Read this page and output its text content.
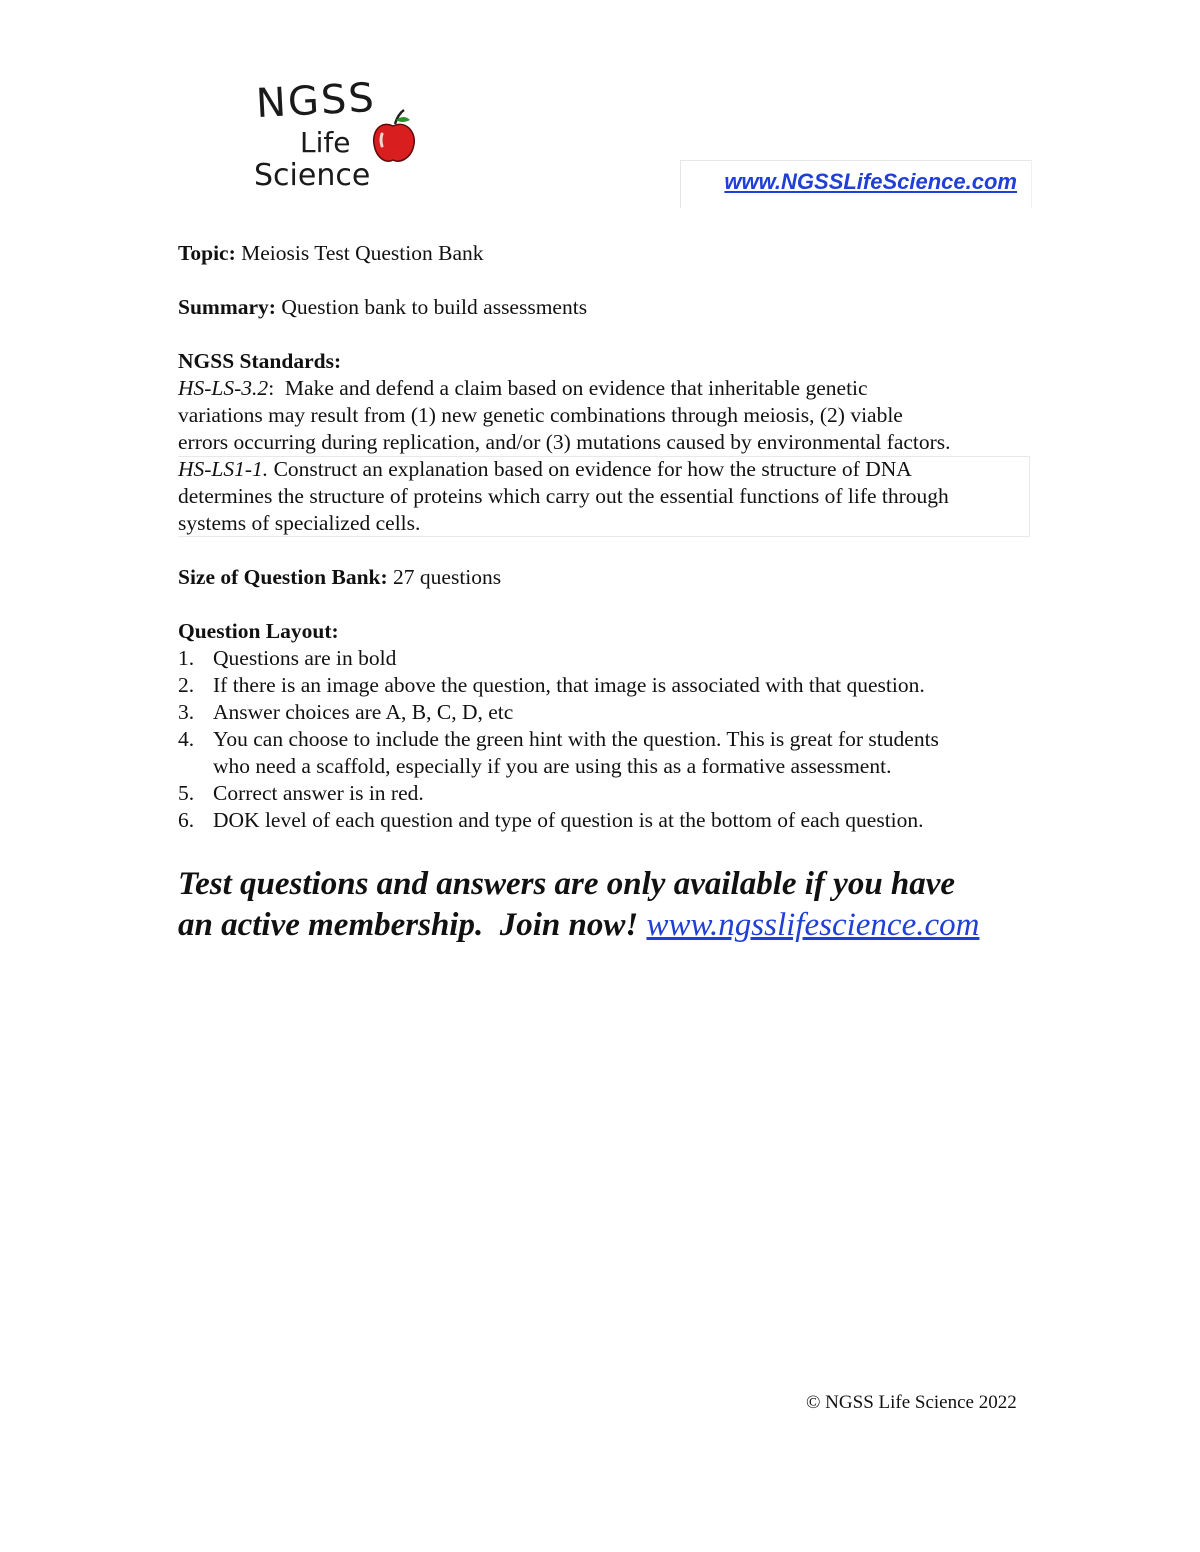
NGSS
Life
Science	www.NGSSLifeScience.com

Topic: Meiosis Test Question Bank

Summary: Question bank to build assessments

NGSS Standards:

HS-LS-3.2:  Make and defend a claim based on evidence that inheritable genetic
variations may result from (1) new genetic combinations through meiosis, (2) viable
errors occurring during replication, and/or (3) mutations caused by environmental factors.
HS-LS1-1. Construct an explanation based on evidence for how the structure of DNA
determines the structure of proteins which carry out the essential functions of life through
systems of specialized cells.

Size of Question Bank: 27 questions

Question Layout:

1. Questions are in bold
2. If there is an image above the question, that image is associated with that question.
3. Answer choices are A, B, C, D, etc
4. You can choose to include the green hint with the question. This is great for students
who need a scaffold, especially if you are using this as a formative assessment.
5. Correct answer is in red.
6. DOK level of each question and type of question is at the bottom of each question.
Test questions and answers are only available if you have
an active membership.  Join now! www.ngsslifescience.com
© NGSS Life Science 2022
